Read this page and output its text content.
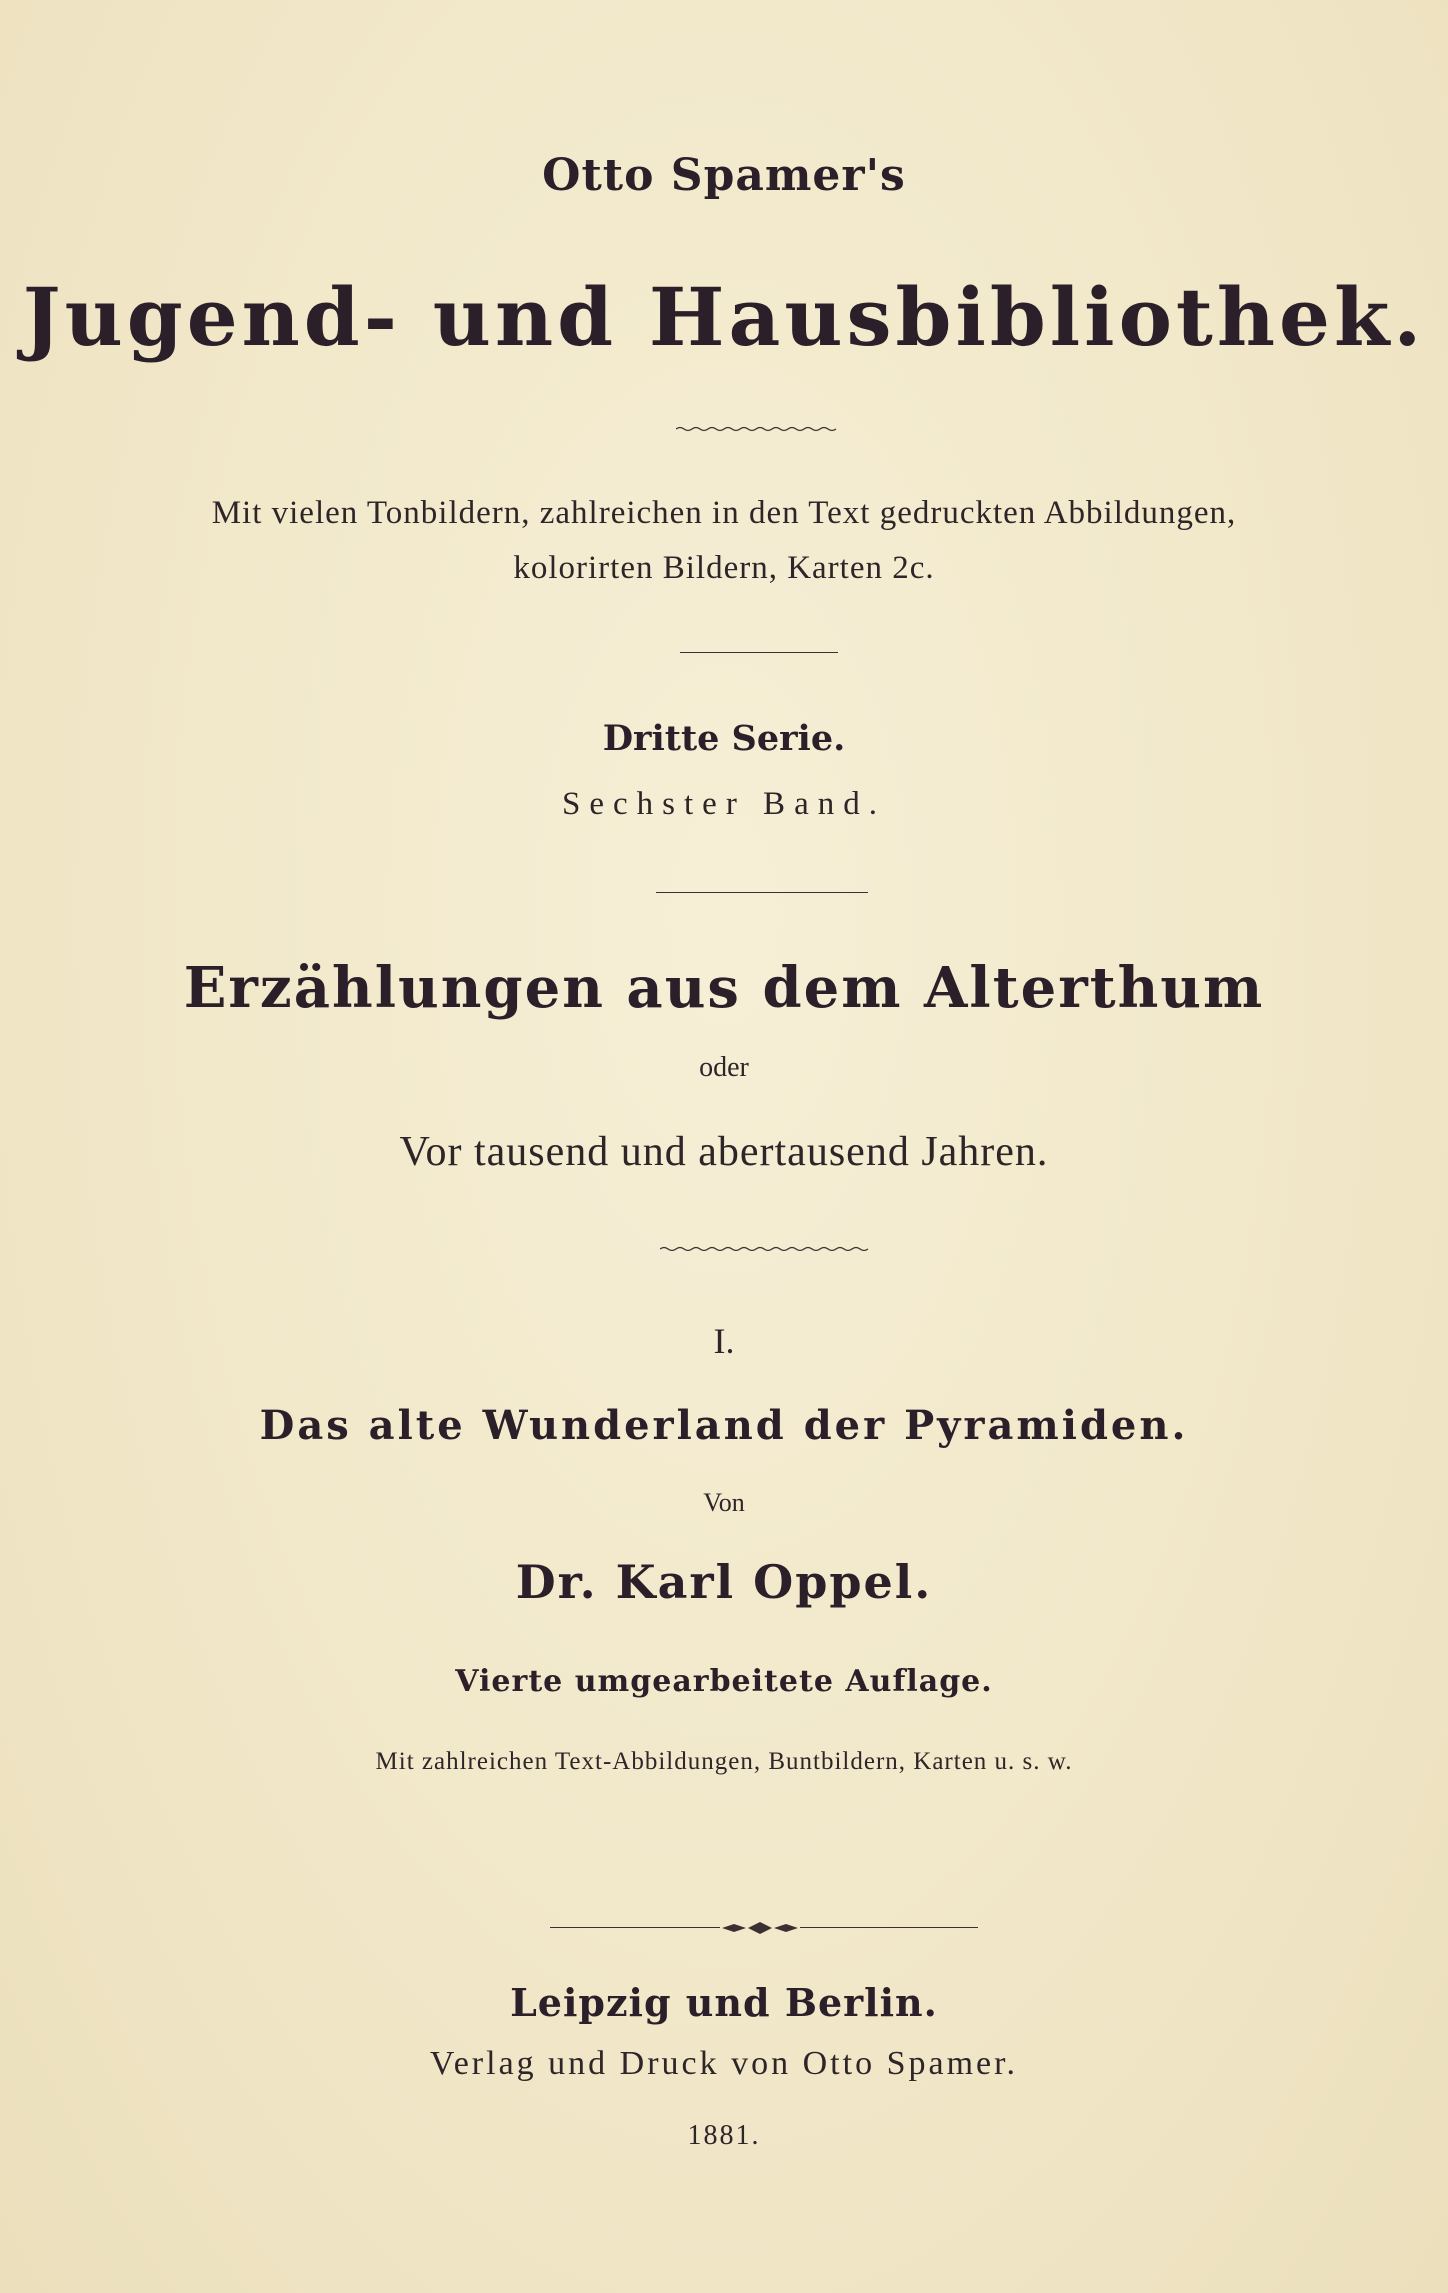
Otto Spamer's
Jugend- und Hausbibliothek.
Mit vielen Tonbildern, zahlreichen in den Text gedruckten Abbildungen,
kolorirten Bildern, Karten 2c.
Dritte Serie.
Sechster Band.
Erzählungen aus dem Alterthum
oder
Vor tausend und abertausend Jahren.
I.
Das alte Wunderland der Pyramiden.
Von
Dr. Karl Oppel.
Vierte umgearbeitete Auflage.
Mit zahlreichen Text-Abbildungen, Buntbildern, Karten u. s. w.
Leipzig und Berlin.
Verlag und Druck von Otto Spamer.
1881.
